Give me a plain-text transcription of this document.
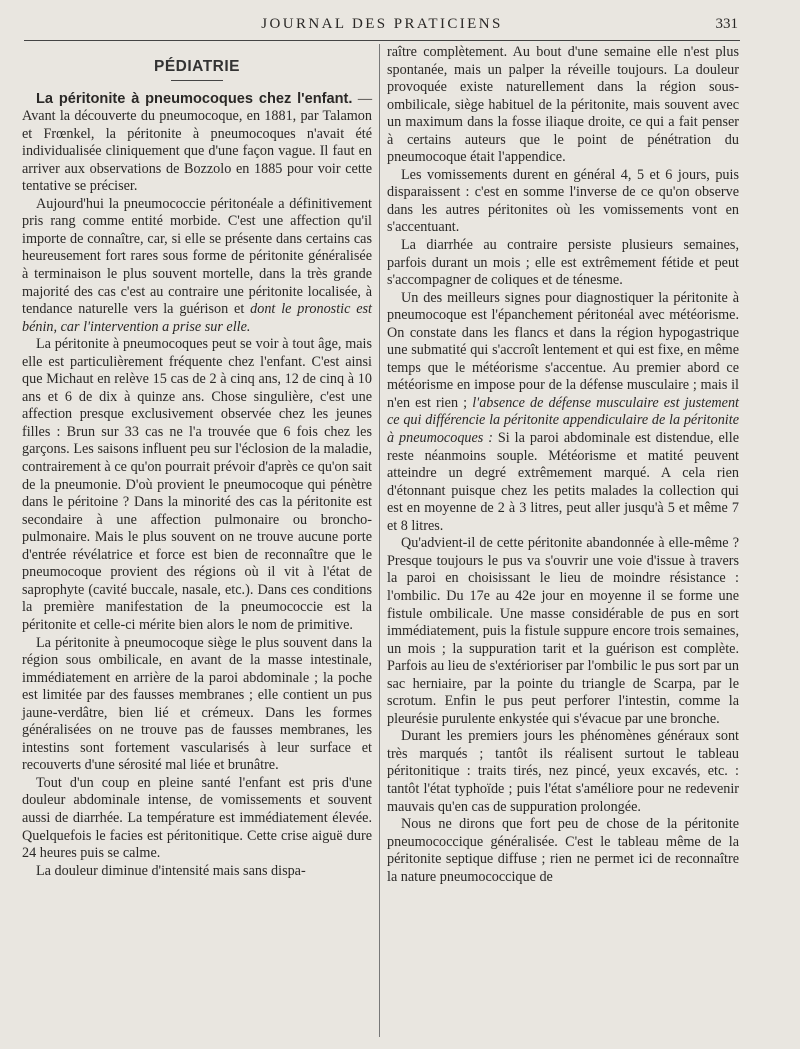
JOURNAL DES PRATICIENS	331
PÉDIATRIE

La péritonite à pneumocoques chez l'enfant. — Avant la découverte du pneumocoque, en 1881, par Talamon et Frœnkel, la péritonite à pneumocoques n'avait été individualisée cliniquement que d'une façon vague. Il faut en arriver aux observations de Bozzolo en 1885 pour voir cette tentative se préciser.

Aujourd'hui la pneumococcie péritonéale a définitivement pris rang comme entité morbide. C'est une affection qu'il importe de connaître, car, si elle se présente dans certains cas heureusement fort rares sous forme de péritonite généralisée à terminaison le plus souvent mortelle, dans la très grande majorité des cas c'est au contraire une péritonite localisée, à tendance naturelle vers la guérison et dont le pronostic est bénin, car l'intervention a prise sur elle.

La péritonite à pneumocoques peut se voir à tout âge, mais elle est particulièrement fréquente chez l'enfant. C'est ainsi que Michaut en relève 15 cas de 2 à cinq ans, 12 de cinq à 10 ans et 6 de dix à quinze ans. Chose singulière, c'est une affection presque exclusivement observée chez les jeunes filles : Brun sur 33 cas ne l'a trouvée que 6 fois chez les garçons. Les saisons influent peu sur l'éclosion de la maladie, contrairement à ce qu'on pourrait prévoir d'après ce qu'on sait de la pneumonie. D'où provient le pneumocoque qui pénètre dans le péritoine ? Dans la minorité des cas la péritonite est secondaire à une affection pulmonaire ou broncho-pulmonaire. Mais le plus souvent on ne trouve aucune porte d'entrée révélatrice et force est bien de reconnaître que le pneumocoque provient des régions où il vit à l'état de saprophyte (cavité buccale, nasale, etc.). Dans ces conditions la première manifestation de la pneumococcie est la péritonite et celle-ci mérite bien alors le nom de primitive.

La péritonite à pneumocoque siège le plus souvent dans la région sous ombilicale, en avant de la masse intestinale, immédiatement en arrière de la paroi abdominale ; la poche est limitée par des fausses membranes ; elle contient un pus jaune-verdâtre, bien lié et crémeux. Dans les formes généralisées on ne trouve pas de fausses membranes, les intestins sont fortement vascularisés à leur surface et recouverts d'une sérosité mal liée et brunâtre.

Tout d'un coup en pleine santé l'enfant est pris d'une douleur abdominale intense, de vomissements et souvent aussi de diarrhée. La température est immédiatement élevée. Quelquefois le facies est péritonitique. Cette crise aiguë dure 24 heures puis se calme.

La douleur diminue d'intensité mais sans dispa-

raître complètement. Au bout d'une semaine elle n'est plus spontanée, mais un palper la réveille toujours. La douleur provoquée existe naturellement dans la région sous-ombilicale, siège habituel de la péritonite, mais souvent avec un maximum dans la fosse iliaque droite, ce qui a fait penser à certains auteurs que le point de pénétration du pneumocoque était l'appendice.

Les vomissements durent en général 4, 5 et 6 jours, puis disparaissent : c'est en somme l'inverse de ce qu'on observe dans les autres péritonites où les vomissements vont en s'accentuant.

La diarrhée au contraire persiste plusieurs semaines, parfois durant un mois ; elle est extrêmement fétide et peut s'accompagner de coliques et de ténesme.

Un des meilleurs signes pour diagnostiquer la péritonite à pneumocoque est l'épanchement péritonéal avec météorisme. On constate dans les flancs et dans la région hypogastrique une submatité qui s'accroît lentement et qui est fixe, en même temps que le météorisme s'accentue. Au premier abord ce météorisme en impose pour de la défense musculaire ; mais il n'en est rien ; l'absence de défense musculaire est justement ce qui différencie la péritonite appendiculaire de la péritonite à pneumocoques : Si la paroi abdominale est distendue, elle reste néanmoins souple. Météorisme et matité peuvent atteindre un degré extrêmement marqué. A cela rien d'étonnant puisque chez les petits malades la collection qui est en moyenne de 2 à 3 litres, peut aller jusqu'à 5 et même 7 et 8 litres.

Qu'advient-il de cette péritonite abandonnée à elle-même ? Presque toujours le pus va s'ouvrir une voie d'issue à travers la paroi en choisissant le lieu de moindre résistance : l'ombilic. Du 17e au 42e jour en moyenne il se forme une fistule ombilicale. Une masse considérable de pus en sort immédiatement, puis la fistule suppure encore trois semaines, un mois ; la suppuration tarit et la guérison est complète. Parfois au lieu de s'extérioriser par l'ombilic le pus sort par un sac herniaire, par la pointe du triangle de Scarpa, par le scrotum. Enfin le pus peut perforer l'intestin, comme la pleurésie purulente enkystée qui s'évacue par une bronche.

Durant les premiers jours les phénomènes généraux sont très marqués ; tantôt ils réalisent surtout le tableau péritonitique : traits tirés, nez pincé, yeux excavés, etc. : tantôt l'état typhoïde ; puis l'état s'améliore pour ne redevenir mauvais qu'en cas de suppuration prolongée.

Nous ne dirons que fort peu de chose de la péritonite pneumococcique généralisée. C'est le tableau même de la péritonite septique diffuse ; rien ne permet ici de reconnaître la nature pneumococcique de
